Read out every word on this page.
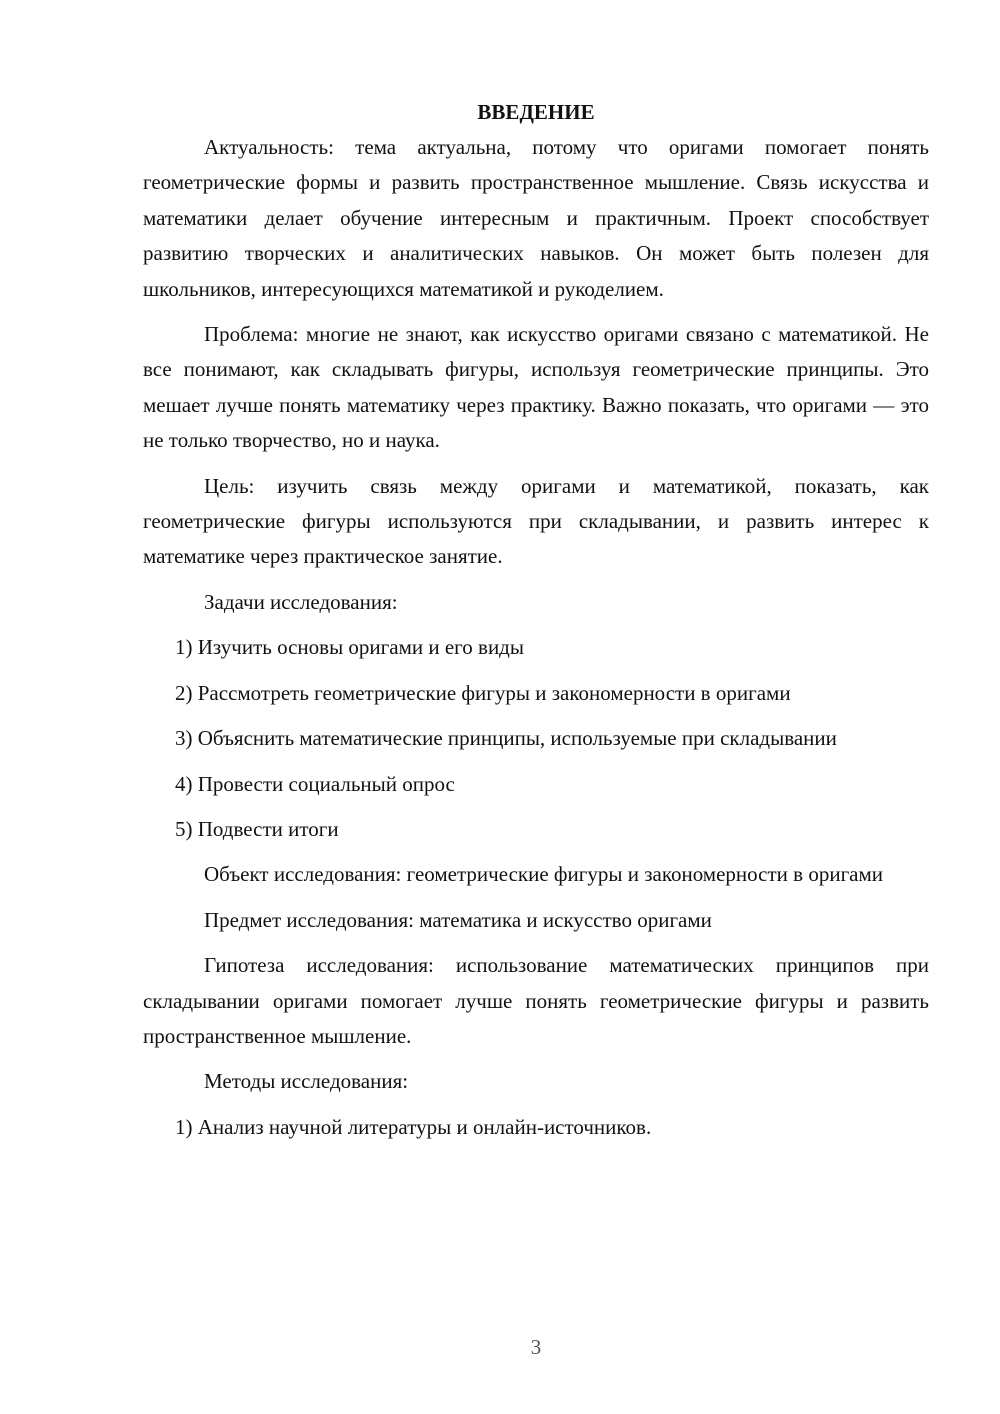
ВВЕДЕНИЕ

Актуальность: тема актуальна, потому что оригами помогает понять геометрические формы и развить пространственное мышление. Связь искусства и математики делает обучение интересным и практичным. Проект способствует развитию творческих и аналитических навыков. Он может быть полезен для школьников, интересующихся математикой и рукоделием.

Проблема: многие не знают, как искусство оригами связано с математикой. Не все понимают, как складывать фигуры, используя геометрические принципы. Это мешает лучше понять математику через практику. Важно показать, что оригами — это не только творчество, но и наука.

Цель: изучить связь между оригами и математикой, показать, как геометрические фигуры используются при складывании, и развить интерес к математике через практическое занятие.

Задачи исследования:

1) Изучить основы оригами и его виды

2) Рассмотреть геометрические фигуры и закономерности в оригами

3) Объяснить математические принципы, используемые при складывании

4) Провести социальный опрос

5) Подвести итоги

Объект исследования: геометрические фигуры и закономерности в оригами

Предмет исследования: математика и искусство оригами

Гипотеза исследования: использование математических принципов при складывании оригами помогает лучше понять геометрические фигуры и развить пространственное мышление.

Методы исследования:

1) Анализ научной литературы и онлайн-источников.

3
